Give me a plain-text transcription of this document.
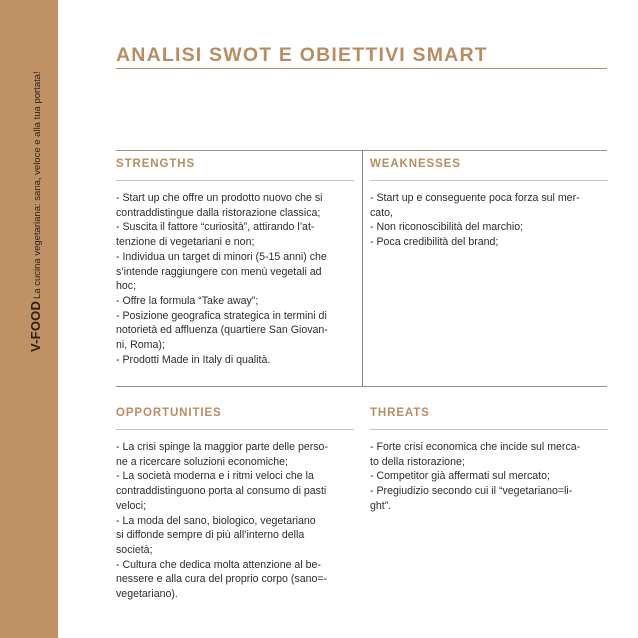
V-FOODLa cucina vegetariana: sana, veloce e alla tua portata!
ANALISI SWOT E OBIETTIVI SMART
STRENGTHS
- Start up che offre un prodotto nuovo che si
contraddistingue dalla ristorazione classica;
- Suscita il fattore “curiosità”, attirando l’at-
tenzione di vegetariani e non;
- Individua un target di minori (5-15 anni) che
s’intende raggiungere con menù vegetali ad
hoc;
- Offre la formula “Take away”;
- Posizione geografica strategica in termini di
notorietà ed affluenza (quartiere San Giovan-
ni, Roma);
- Prodotti Made in Italy di qualità.
WEAKNESSES
- Start up e conseguente poca forza sul mer-
cato,
- Non riconoscibilità del marchio;
- Poca credibilità del brand;
OPPORTUNITIES
- La crisi spinge la maggior parte delle perso-
ne a ricercare soluzioni economiche;
- La società moderna e i ritmi veloci che la
contraddistinguono porta al consumo di pasti
veloci;
- La moda del sano, biologico, vegetariano
si diffonde sempre di più all’interno della
società;
- Cultura che dedica molta attenzione al be-
nessere e alla cura del proprio corpo (sano=-
vegetariano).
THREATS
- Forte crisi economica che incide sul merca-
to della ristorazione;
- Competitor già affermati sul mercato;
- Pregiudizio secondo cui il “vegetariano=li-
ght”.
